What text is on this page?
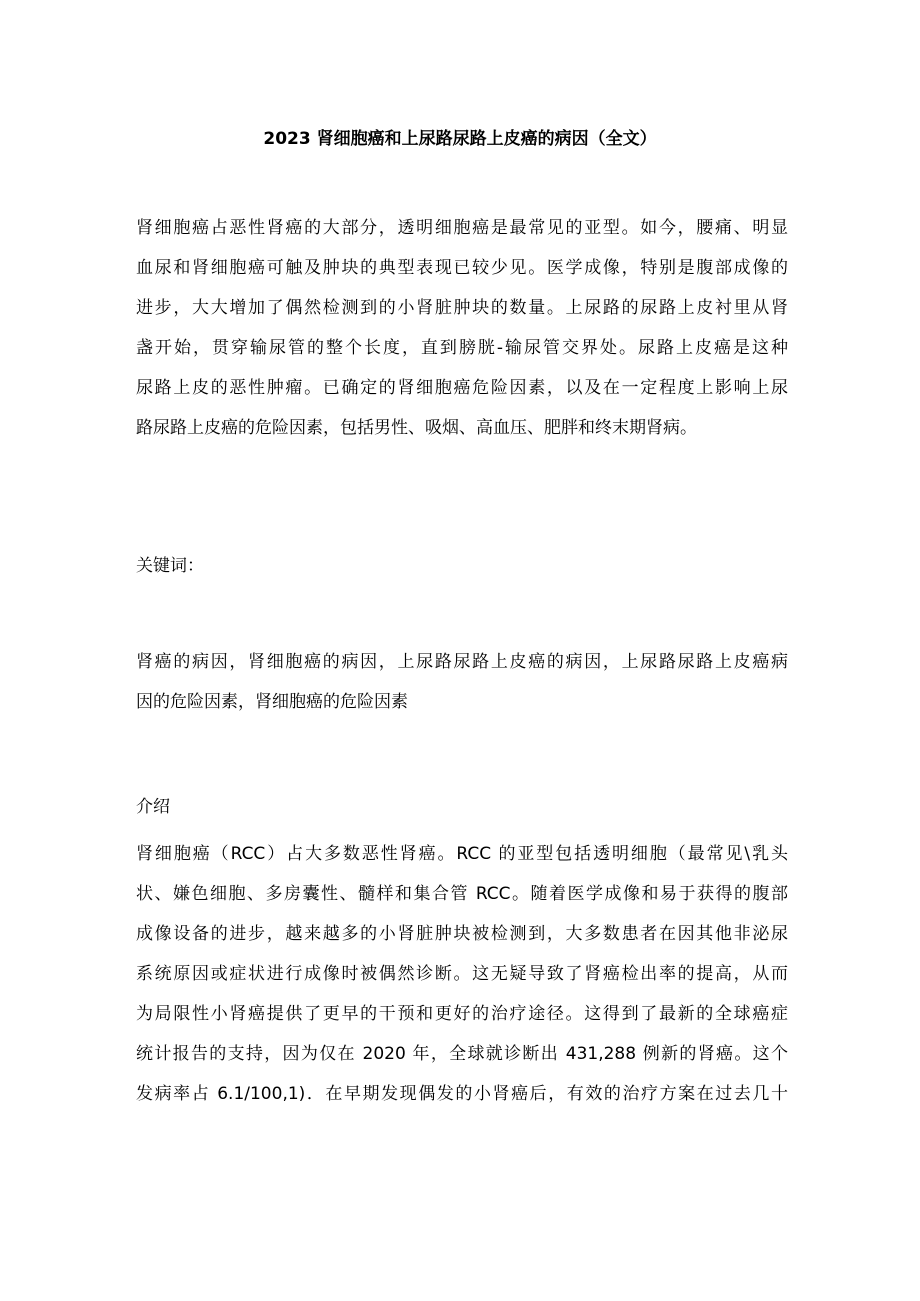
2023 肾细胞癌和上尿路尿路上皮癌的病因（全文）
肾细胞癌占恶性肾癌的大部分，透明细胞癌是最常见的亚型。如今，腰痛、明显
血尿和肾细胞癌可触及肿块的典型表现已较少见。医学成像，特别是腹部成像的
进步，大大增加了偶然检测到的小肾脏肿块的数量。上尿路的尿路上皮衬里从肾
盏开始，贯穿输尿管的整个长度，直到膀胱-输尿管交界处。尿路上皮癌是这种
尿路上皮的恶性肿瘤。已确定的肾细胞癌危险因素，以及在一定程度上影响上尿
路尿路上皮癌的危险因素，包括男性、吸烟、高血压、肥胖和终末期肾病。
关键词：
肾癌的病因，肾细胞癌的病因，上尿路尿路上皮癌的病因，上尿路尿路上皮癌病
因的危险因素，肾细胞癌的危险因素
介绍
肾细胞癌（RCC）占大多数恶性肾癌。RCC 的亚型包括透明细胞（最常见\乳头
状、嫌色细胞、多房囊性、髓样和集合管 RCC。随着医学成像和易于获得的腹部
成像设备的进步，越来越多的小肾脏肿块被检测到，大多数患者在因其他非泌尿
系统原因或症状进行成像时被偶然诊断。这无疑导致了肾癌检出率的提高，从而
为局限性小肾癌提供了更早的干预和更好的治疗途径。这得到了最新的全球癌症
统计报告的支持，因为仅在 2020 年，全球就诊断出 431,288 例新的肾癌。这个
发病率占 6.1/100,1)．在早期发现偶发的小肾癌后，有效的治疗方案在过去几十
